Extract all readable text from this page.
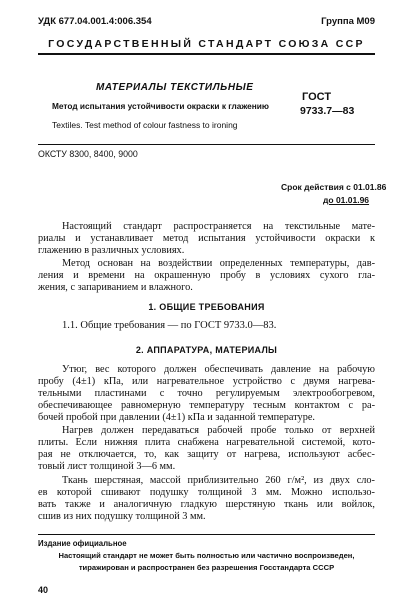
УДК 677.04.001.4:006.354	Группа М09
ГОСУДАРСТВЕННЫЙ СТАНДАРТ СОЮЗА ССР
МАТЕРИАЛЫ ТЕКСТИЛЬНЫЕ
ГОСТ
9733.7—83
Метод испытания устойчивости окраски к глажению
Textiles. Test method of colour fastness to ironing
ОКСТУ 8300, 8400, 9000
Срок действия с 01.01.86
до 01.01.96
Настоящий стандарт распространяется на текстильные мате-
риалы и устанавливает метод испытания устойчивости окраски к
глажению в различных условиях.
Метод основан на воздействии определенных температуры, дав-
ления и времени на окрашенную пробу в условиях сухого гла-
жения, с запариванием и влажного.
1. ОБЩИЕ ТРЕБОВАНИЯ
1.1. Общие требования — по ГОСТ 9733.0—83.
2. АППАРАТУРА, МАТЕРИАЛЫ
Утюг, вес которого должен обеспечивать давление на рабочую
пробу (4±1) кПа, или нагревательное устройство с двумя нагрева-
тельными пластинами с точно регулируемым электрообогревом,
обеспечивающее равномерную температуру тесным контактом с ра-
бочей пробой при давлении (4±1) кПа и заданной температуре.
Нагрев должен передаваться рабочей пробе только от верхней
плиты. Если нижняя плита снабжена нагревательной системой, кото-
рая не отключается, то, как защиту от нагрева, используют асбес-
товый лист толщиной 3—6 мм.
Ткань шерстяная, массой приблизительно 260 г/м², из двух сло-
ев которой сшивают подушку толщиной 3 мм. Можно использо-
вать также и аналогичную гладкую шерстяную ткань или войлок,
сшив из них подушку толщиной 3 мм.
Издание официальное
Настоящий стандарт не может быть полностью или частично воспроизведен,
тиражирован и распространен без разрешения Госстандарта СССР
40
